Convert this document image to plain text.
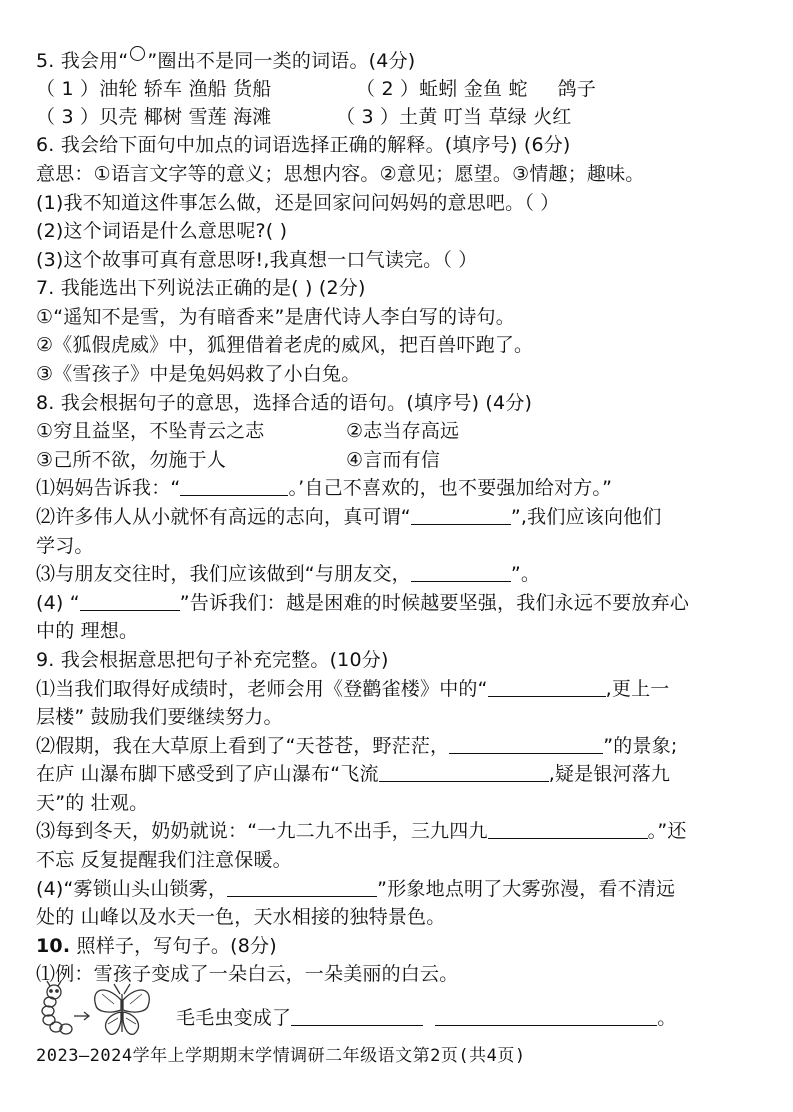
5. 我会用“ ”圈出不是同一类的词语。(4分)
（ 1 ）油轮 轿车 渔船 货船	（ 2 ）蚯蚓 金鱼 蛇 鸽子
（ 3 ）贝壳 椰树 雪莲 海滩	（ 3 ）土黄 叮当 草绿 火红
6. 我会给下面句中加点的词语选择正确的解释。(填序号) (6分)
意思：①语言文字等的意义；思想内容。②意见；愿望。③情趣；趣味。
(1)我不知道这件事怎么做，还是回家问问妈妈的意思吧。（ ）
(2)这个词语是什么意思呢?( )
(3)这个故事可真有意思呀!,我真想一口气读完。（ ）
7. 我能选出下列说法正确的是( ) (2分)
①“遥知不是雪，为有暗香来”是唐代诗人李白写的诗句。
②《狐假虎威》中，狐狸借着老虎的威风，把百兽吓跑了。
③《雪孩子》中是兔妈妈救了小白兔。
8. 我会根据句子的意思，选择合适的语句。(填序号) (4分)
①穷且益坚，不坠青云之志	②志当存高远
③己所不欲，勿施于人	④言而有信
⑴妈妈告诉我：“	。’自己不喜欢的，也不要强加给对方。”
⑵许多伟人从小就怀有高远的志向，真可谓“	”,我们应该向他们
学习。
⑶与朋友交往时，我们应该做到“与朋友交，	”。
(4) “	”告诉我们：越是困难的时候越要坚强，我们永远不要放弃心
中的 理想。
9. 我会根据意思把句子补充完整。(10分)
⑴当我们取得好成绩时，老师会用《登鹳雀楼》中的“	,更上一
层楼” 鼓励我们要继续努力。
⑵假期，我在大草原上看到了“天苍苍，野茫茫，	”的景象;
在庐 山瀑布脚下感受到了庐山瀑布“飞流	,疑是银河落九
天”的 壮观。
⑶每到冬天，奶奶就说：“一九二九不出手，三九四九	。”还
不忘 反复提醒我们注意保暖。
(4)“雾锁山头山锁雾，	”形象地点明了大雾弥漫，看不清远
处的 山峰以及水天一色，天水相接的独特景色。
10. 照样子，写句子。(8分)
⑴例：雪孩子变成了一朵白云，一朵美丽的白云。
毛毛虫变成了	。
2023—2024学年上学期期末学情调研二年级语文第2页(共4页)
